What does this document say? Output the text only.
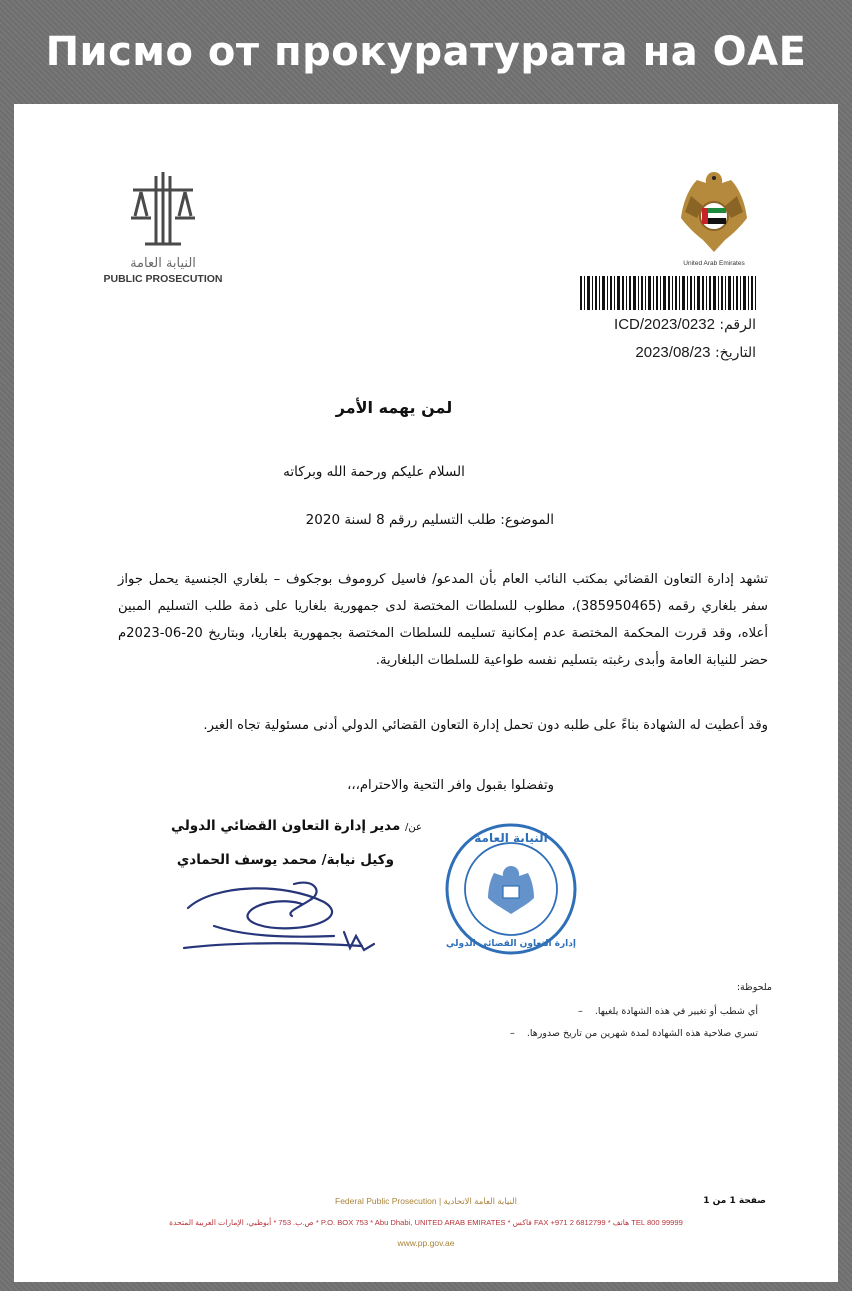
Писмо от прокуратурата на ОАЕ
النيابة العامة
PUBLIC PROSECUTION
United Arab Emirates
الرقم: ICD/2023/0232
التاريخ: 2023/08/23
لمن يهمه الأمر
السلام عليكم ورحمة الله وبركاته
الموضوع: طلب التسليم ررقم 8 لسنة 2020
تشهد إدارة التعاون القضائي بمكتب النائب العام بأن المدعو/ فاسيل كروموف بوجكوف – بلغاري الجنسية يحمل جواز سفر بلغاري رقمه (385950465)، مطلوب للسلطات المختصة لدى جمهورية بلغاريا على ذمة طلب التسليم المبين أعلاه، وقد قررت المحكمة المختصة عدم إمكانية تسليمه للسلطات المختصة بجمهورية بلغاريا، وبتاريخ 20-06-2023م حضر للنيابة العامة وأبدى رغبته بتسليم نفسه طواعية للسلطات البلغارية.
وقد أعطيت له الشهادة بناءً على طلبه دون تحمل إدارة التعاون القضائي الدولي أدنى مسئولية تجاه الغير.
وتفضلوا بقبول وافر التحية والاحترام،،،
عن/ مدير إدارة التعاون القضائي الدولي
وكيل نيابة/ محمد يوسف الحمادي
النيابة العامة
إدارة التعاون القضائي الدولي
ملحوظة:
أي شطب أو تغيير في هذه الشهادة يلغيها.    –
تسري صلاحية هذه الشهادة لمدة شهرين من تاريخ صدورها.    –
صفحة 1 من 1
Federal Public Prosecution | النيابة العامة الاتحادية
ص.ب. 753 * أبوظبي، الإمارات العربية المتحدة * P.O. BOX 753 * Abu Dhabi, UNITED ARAB EMIRATES * فاكس FAX +971 2 6812799 * هاتف TEL 800 99999
www.pp.gov.ae
